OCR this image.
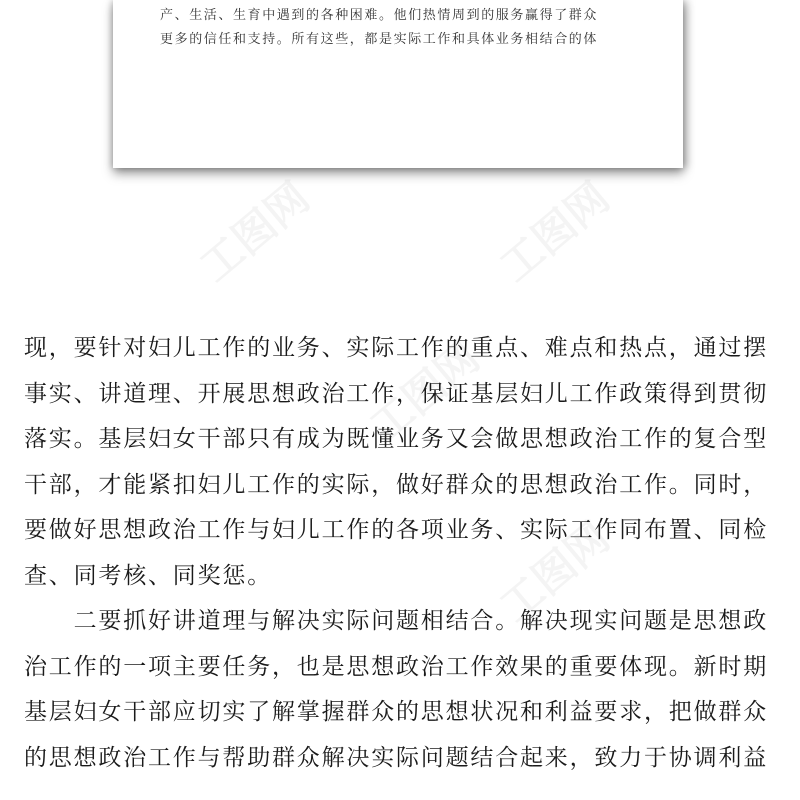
工图网	工图网
工图网
工图网
产、生活、生育中遇到的各种困难。他们热情周到的服务赢得了群众
更多的信任和支持。所有这些，都是实际工作和具体业务相结合的体
现，要针对妇儿工作的业务、实际工作的重点、难点和热点，通过摆
事实、讲道理、开展思想政治工作，保证基层妇儿工作政策得到贯彻
落实。基层妇女干部只有成为既懂业务又会做思想政治工作的复合型
干部，才能紧扣妇儿工作的实际，做好群众的思想政治工作。同时，
要做好思想政治工作与妇儿工作的各项业务、实际工作同布置、同检
查、同考核、同奖惩。
　　二要抓好讲道理与解决实际问题相结合。解决现实问题是思想政
治工作的一项主要任务，也是思想政治工作效果的重要体现。新时期
基层妇女干部应切实了解掌握群众的思想状况和利益要求，把做群众
的思想政治工作与帮助群众解决实际问题结合起来，致力于协调利益
